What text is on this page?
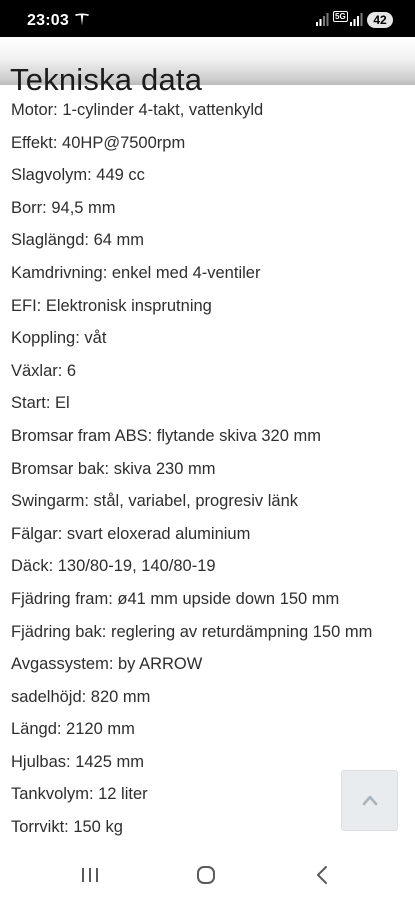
23:03	5G	42
Tekniska data
Motor: 1-cylinder 4-takt, vattenkyld
Effekt: 40HP@7500rpm
Slagvolym: 449 cc
Borr: 94,5 mm
Slaglängd: 64 mm
Kamdrivning: enkel med 4-ventiler
EFI: Elektronisk insprutning
Koppling: våt
Växlar: 6
Start: El
Bromsar fram ABS: flytande skiva 320 mm
Bromsar bak: skiva 230 mm
Swingarm: stål, variabel, progresiv länk
Fälgar: svart eloxerad aluminium
Däck: 130/80-19, 140/80-19
Fjädring fram: ø41 mm upside down 150 mm
Fjädring bak: reglering av returdämpning 150 mm
Avgassystem: by ARROW
sadelhöjd: 820 mm
Längd: 2120 mm
Hjulbas: 1425 mm
Tankvolym: 12 liter
Torrvikt: 150 kg
